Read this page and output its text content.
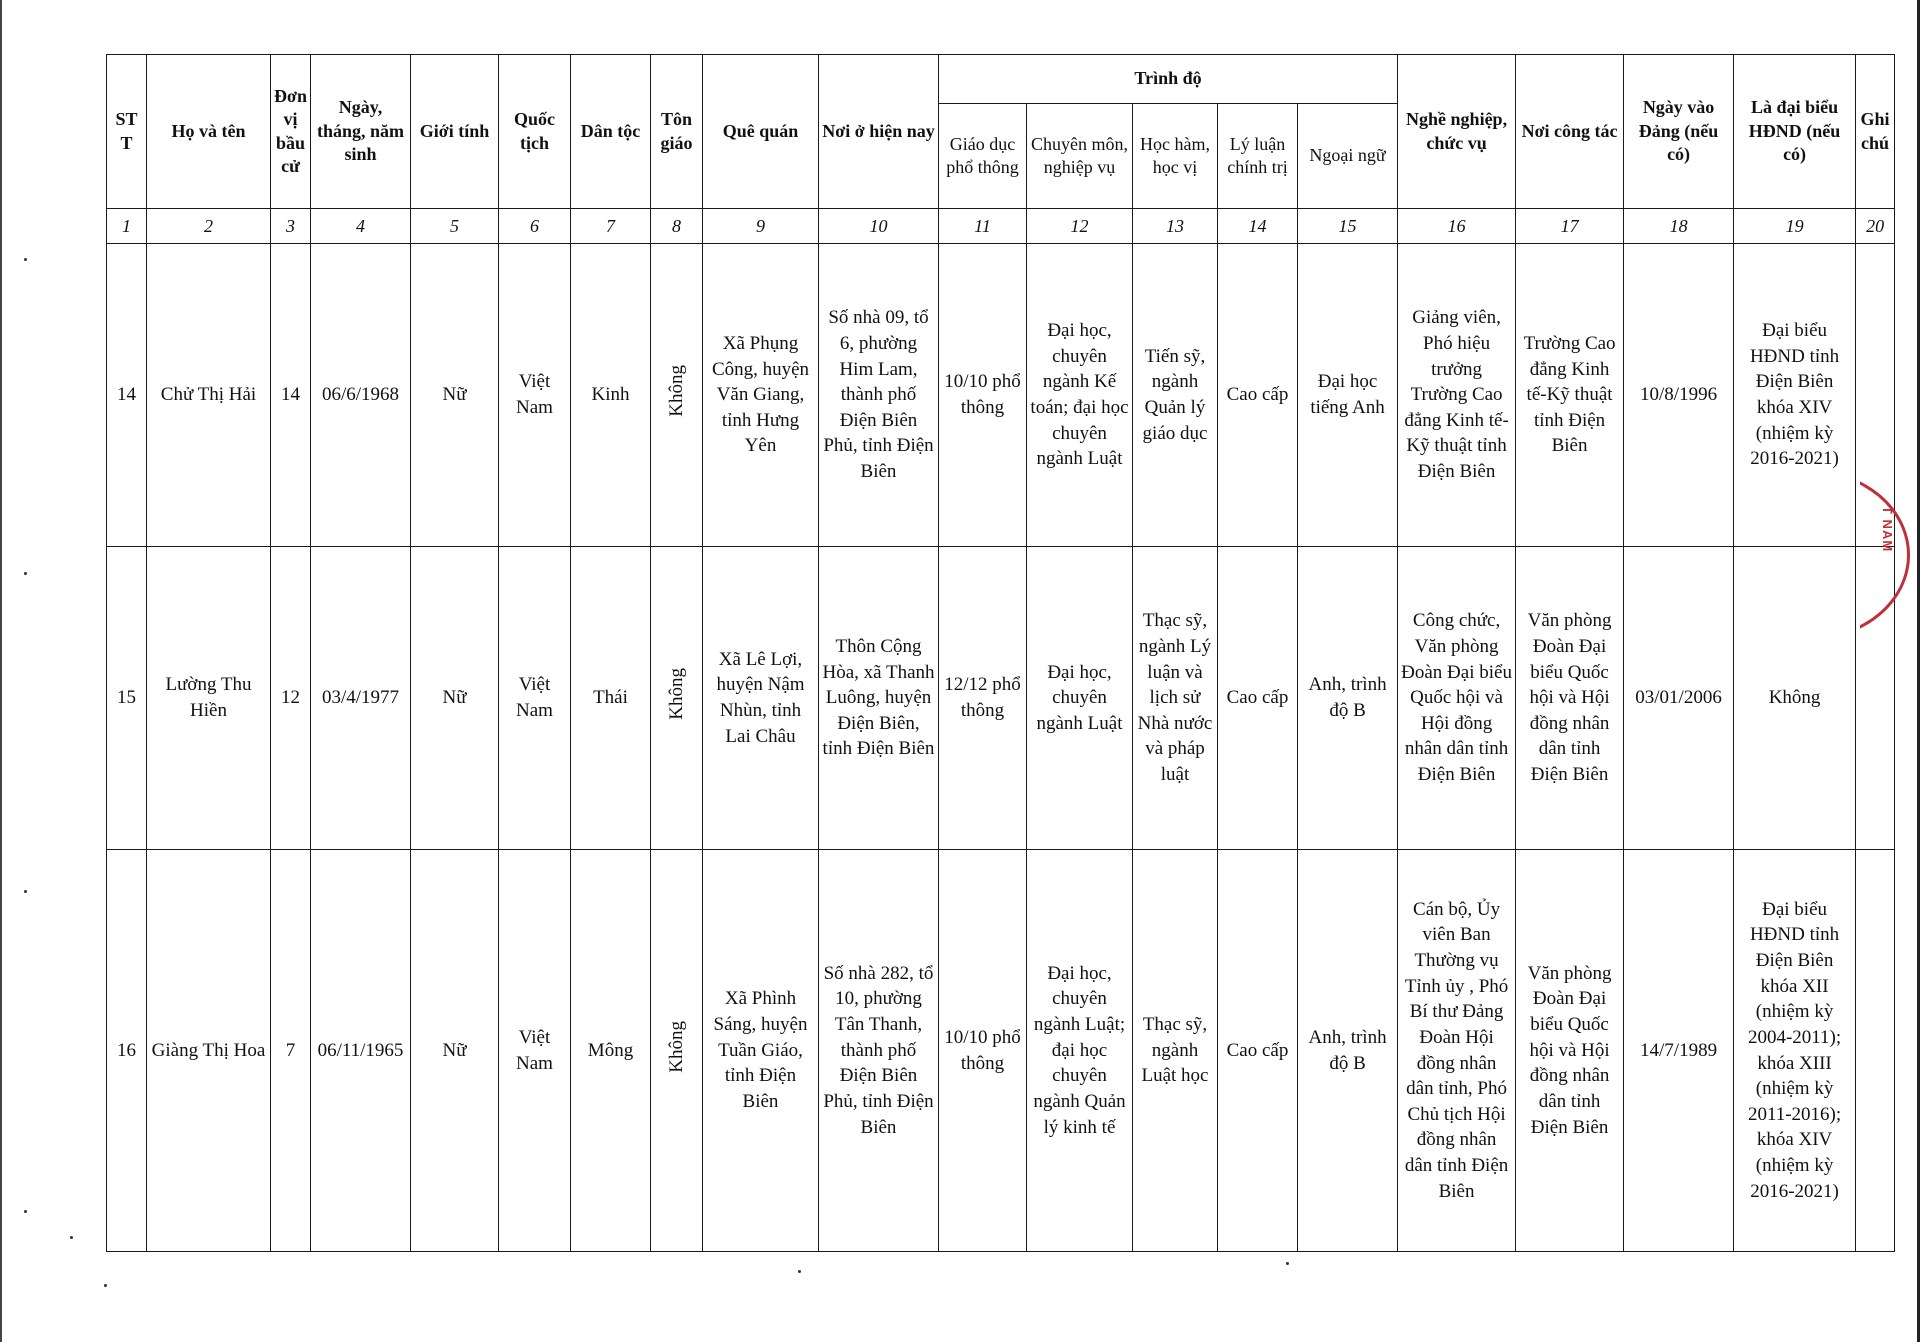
ST T	Họ và tên	Đơn vị bầu cử	Ngày, tháng, năm sinh	Giới tính	Quốc tịch	Dân tộc	Tôn giáo	Quê quán	Nơi ở hiện nay	Trình độ					Nghề nghiệp, chức vụ	Nơi công tác	Ngày vào Đảng (nếu có)	Là đại biểu HĐND (nếu có)	Ghi chú
										Giáo dục phổ thông	Chuyên môn, nghiệp vụ	Học hàm, học vị	Lý luận chính trị	Ngoại ngữ					
1	2	3	4	5	6	7	8	9	10	11	12	13	14	15	16	17	18	19	20
14	Chử Thị Hải	14	06/6/1968	Nữ	Việt Nam	Kinh	Không	Xã Phụng Công, huyện Văn Giang, tỉnh Hưng Yên	Số nhà 09, tổ 6, phường Him Lam, thành phố Điện Biên Phủ, tỉnh Điện Biên	10/10 phổ thông	Đại học, chuyên ngành Kế toán; đại học chuyên ngành Luật	Tiến sỹ, ngành Quản lý giáo dục	Cao cấp	Đại học tiếng Anh	Giảng viên, Phó hiệu trưởng Trường Cao đẳng Kinh tế-Kỹ thuật tỉnh Điện Biên	Trường Cao đẳng Kinh tế-Kỹ thuật tỉnh Điện Biên	10/8/1996	Đại biểu HĐND tỉnh Điện Biên khóa XIV (nhiệm kỳ 2016-2021)	
15	Lường Thu Hiền	12	03/4/1977	Nữ	Việt Nam	Thái	Không	Xã Lê Lợi, huyện Nậm Nhùn, tỉnh Lai Châu	Thôn Cộng Hòa, xã Thanh Luông, huyện Điện Biên, tỉnh Điện Biên	12/12 phổ thông	Đại học, chuyên ngành Luật	Thạc sỹ, ngành Lý luận và lịch sử Nhà nước và pháp luật	Cao cấp	Anh, trình độ B	Công chức, Văn phòng Đoàn Đại biểu Quốc hội và Hội đồng nhân dân tỉnh Điện Biên	Văn phòng Đoàn Đại biểu Quốc hội và Hội đồng nhân dân tỉnh Điện Biên	03/01/2006	Không	
16	Giàng Thị Hoa	7	06/11/1965	Nữ	Việt Nam	Mông	Không	Xã Phình Sáng, huyện Tuần Giáo, tỉnh Điện Biên	Số nhà 282, tổ 10, phường Tân Thanh, thành phố Điện Biên Phủ, tỉnh Điện Biên	10/10 phổ thông	Đại học, chuyên ngành Luật; đại học chuyên ngành Quản lý kinh tế	Thạc sỹ, ngành Luật học	Cao cấp	Anh, trình độ B	Cán bộ, Ủy viên Ban Thường vụ Tỉnh ủy , Phó Bí thư Đảng Đoàn Hội đồng nhân dân tỉnh, Phó Chủ tịch Hội đồng nhân dân tỉnh Điện Biên	Văn phòng Đoàn Đại biểu Quốc hội và Hội đồng nhân dân tỉnh Điện Biên	14/7/1989	Đại biểu HĐND tỉnh Điện Biên khóa XII (nhiệm kỳ 2004-2011); khóa XIII (nhiệm kỳ 2011-2016); khóa XIV (nhiệm kỳ 2016-2021)	
T NAM
